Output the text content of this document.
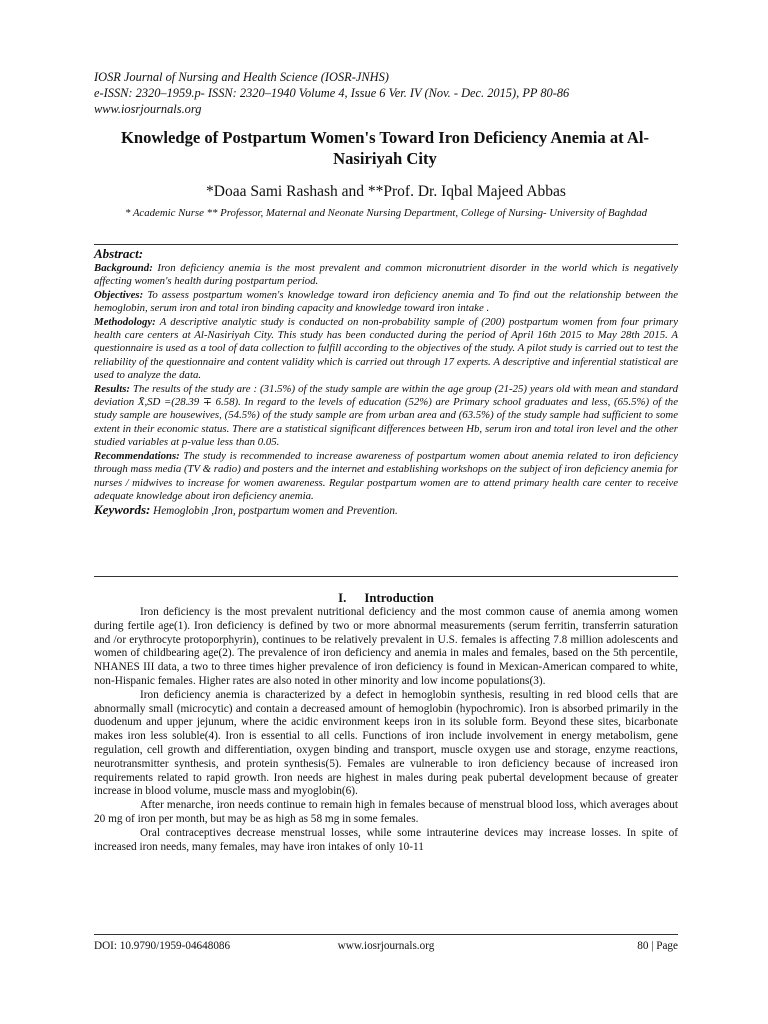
IOSR Journal of Nursing and Health Science (IOSR-JNHS)
e-ISSN: 2320–1959.p- ISSN: 2320–1940 Volume 4, Issue 6 Ver. IV (Nov. - Dec. 2015), PP 80-86
www.iosrjournals.org
Knowledge of Postpartum Women's Toward Iron Deficiency Anemia at Al-Nasiriyah City
*Doaa Sami Rashash and **Prof. Dr. Iqbal Majeed Abbas
* Academic Nurse ** Professor, Maternal and Neonate Nursing Department, College of Nursing- University of Baghdad

Abstract:

Background: Iron deficiency anemia is the most prevalent and common micronutrient disorder in the world which is negatively affecting women's health during postpartum period.

Objectives: To assess postpartum women's knowledge toward iron deficiency anemia and To find out the relationship between the hemoglobin, serum iron and total iron binding capacity and knowledge toward iron intake .

Methodology: A descriptive analytic study is conducted on non-probability sample of (200) postpartum women from four primary health care centers at Al-Nasiriyah City. This study has been conducted during the period of April 16th 2015 to May 28th 2015. A questionnaire is used as a tool of data collection to fulfill according to the objectives of the study. A pilot study is carried out to test the reliability of the questionnaire and content validity which is carried out through 17 experts. A descriptive and inferential statistical are used to analyze the data.

Results: The results of the study are : (31.5%) of the study sample are within the age group (21-25) years old with mean and standard deviation X̄,SD =(28.39 ∓ 6.58). In regard to the levels of education (52%) are Primary school graduates and less, (65.5%) of the study sample are housewives, (54.5%) of the study sample are from urban area and (63.5%) of the study sample had sufficient to some extent in their economic status. There are a statistical significant differences between Hb, serum iron and total iron level and the other studied variables at p-value less than 0.05.

Recommendations: The study is recommended to increase awareness of postpartum women about anemia related to iron deficiency through mass media (TV & radio) and posters and the internet and establishing workshops on the subject of iron deficiency anemia for nurses / midwives to increase for women awareness. Regular postpartum women are to attend primary health care center to receive adequate knowledge about iron deficiency anemia.

Keywords: Hemoglobin ,Iron, postpartum women and Prevention.

I. Introduction

Iron deficiency is the most prevalent nutritional deficiency and the most common cause of anemia among women during fertile age(1). Iron deficiency is defined by two or more abnormal measurements (serum ferritin, transferrin saturation and /or erythrocyte protoporphyrin), continues to be relatively prevalent in U.S. females is affecting 7.8 million adolescents and women of childbearing age(2). The prevalence of iron deficiency and anemia in males and females, based on the 5th percentile, NHANES III data, a two to three times higher prevalence of iron deficiency is found in Mexican-American compared to white, non-Hispanic females. Higher rates are also noted in other minority and low income populations(3).

Iron deficiency anemia is characterized by a defect in hemoglobin synthesis, resulting in red blood cells that are abnormally small (microcytic) and contain a decreased amount of hemoglobin (hypochromic). Iron is absorbed primarily in the duodenum and upper jejunum, where the acidic environment keeps iron in its soluble form. Beyond these sites, bicarbonate makes iron less soluble(4). Iron is essential to all cells. Functions of iron include involvement in energy metabolism, gene regulation, cell growth and differentiation, oxygen binding and transport, muscle oxygen use and storage, enzyme reactions, neurotransmitter synthesis, and protein synthesis(5). Females are vulnerable to iron deficiency because of increased iron requirements related to rapid growth. Iron needs are highest in males during peak pubertal development because of greater increase in blood volume, muscle mass and myoglobin(6).

After menarche, iron needs continue to remain high in females because of menstrual blood loss, which averages about 20 mg of iron per month, but may be as high as 58 mg in some females.

Oral contraceptives decrease menstrual losses, while some intrauterine devices may increase losses. In spite of increased iron needs, many females, may have iron intakes of only 10-11

DOI: 10.9790/1959-04648086	www.iosrjournals.org	80 | Page
